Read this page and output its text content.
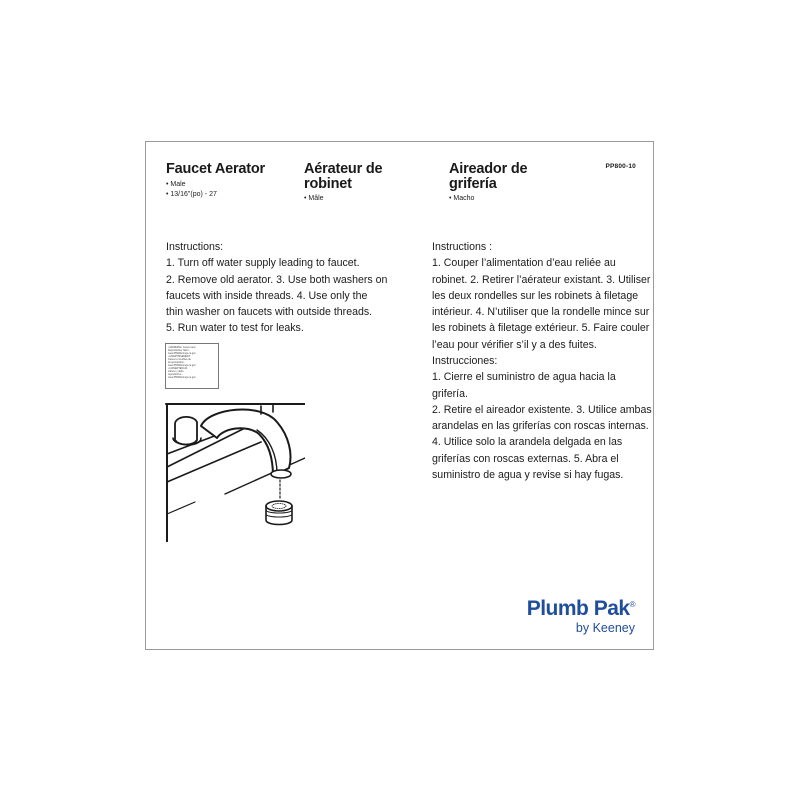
Faucet Aerator
• Male
• 13/16"(po) - 27
Aérateur de
robinet
• Mâle
Aireador de
grifería
• Macho
PP800-10

Instructions:

1. Turn off water supply leading to faucet.

2. Remove old aerator. 3. Use both washers on

faucets with inside threads. 4. Use only the

thin washer on faucets with outside threads.

5. Run water to test for leaks.

Instructions :

1. Couper l’alimentation d’eau reliée au

robinet. 2. Retirer l’aérateur existant. 3. Utiliser

les deux rondelles sur les robinets à filetage

intérieur. 4. N’utiliser que la rondelle mince sur

les robinets à filetage extérieur. 5. Faire couler

l’eau pour vérifier s’il y a des fuites.

Instrucciones:

1. Cierre el suministro de agua hacia la grifería.

2. Retire el aireador existente. 3. Utilice ambas

arandelas en las griferías con roscas internas.

4. Utilice solo la arandela delgada en las

griferías con roscas externas. 5. Abra el

suministro de agua y revise si hay fugas.

⚠WARNING: Cancer and
Reproductive Harm -
www.P65Warnings.ca.gov
⚠AVERTISSEMENT:
Cancer et troubles de
la reproduction -
www.P65Warnings.ca.gov
⚠ADVERTENCIA:
Cáncer y daño
reproductivo -
www.P65Warnings.ca.gov
Plumb Pak®
by Keeney
